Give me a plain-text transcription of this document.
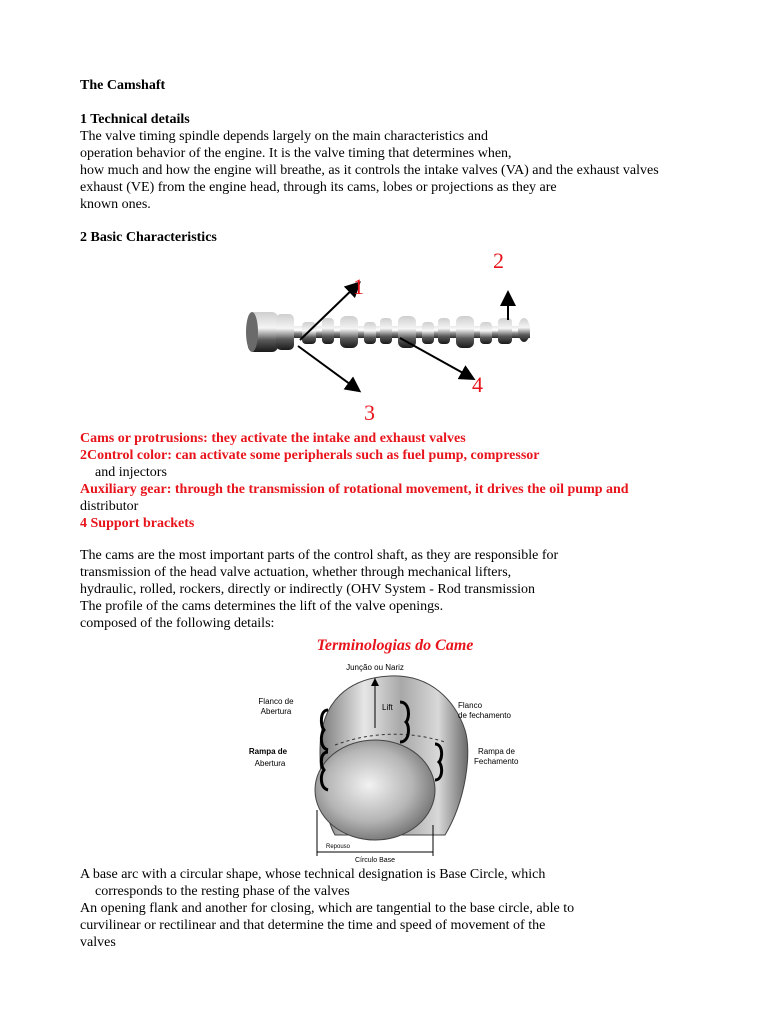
The Camshaft
1 Technical details
The valve timing spindle depends largely on the main characteristics and
operation behavior of the engine. It is the valve timing that determines when,
how much and how the engine will breathe, as it controls the intake valves (VA) and the exhaust valves
exhaust (VE) from the engine head, through its cams, lobes or projections as they are
known ones.
2 Basic Characteristics
1
2
3
4
Cams or protrusions: they activate the intake and exhaust valves
2Control color: can activate some peripherals such as fuel pump, compressor
and injectors
Auxiliary gear: through the transmission of rotational movement, it drives the oil pump and
distributor
4 Support brackets
The cams are the most important parts of the control shaft, as they are responsible for
transmission of the head valve actuation, whether through mechanical lifters,
hydraulic, rolled, rockers, directly or indirectly (OHV System - Rod transmission
The profile of the cams determines the lift of the valve openings.
composed of the following details:
Terminologias do Came
Junção ou Nariz
Lift
Flanco de
Abertura
Flanco
de fechamento
Rampa de
Abertura
Rampa de
Fechamento
Repouso
Círculo Base
A base arc with a circular shape, whose technical designation is Base Circle, which
corresponds to the resting phase of the valves
An opening flank and another for closing, which are tangential to the base circle, able to
curvilinear or rectilinear and that determine the time and speed of movement of the
valves
